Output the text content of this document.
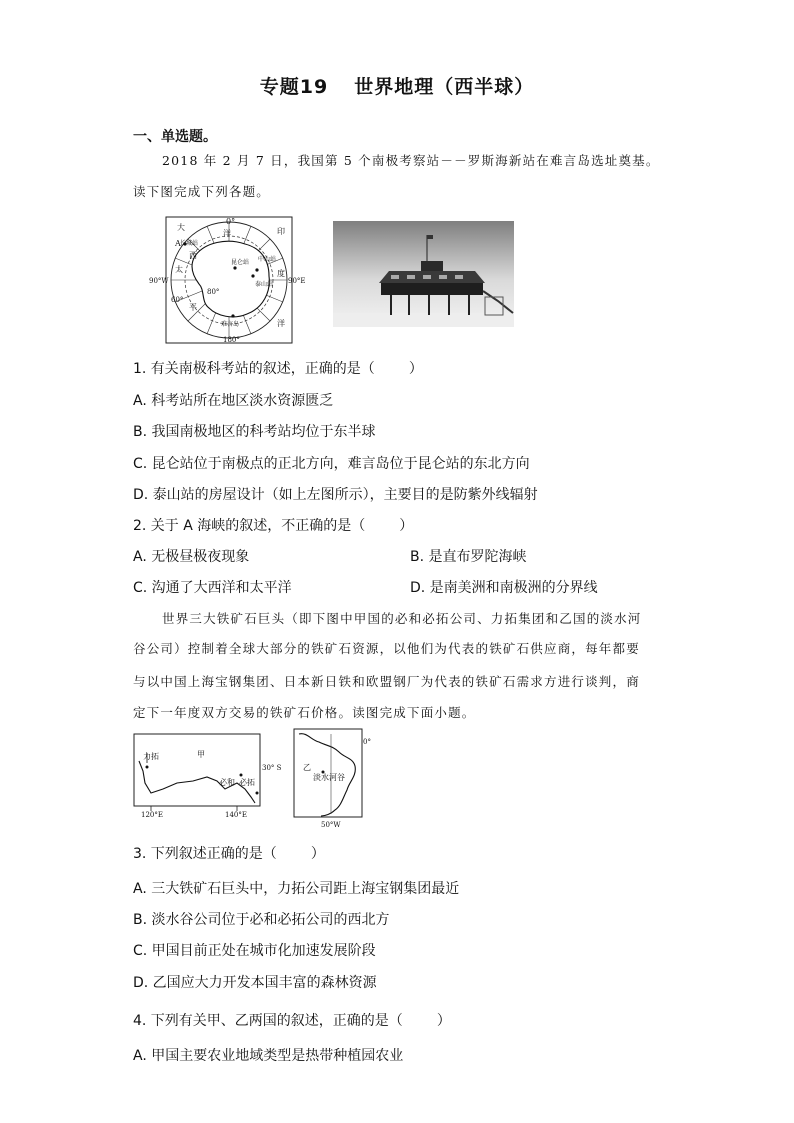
专题19 世界地理（西半球）
一、单选题。
2018 年 2 月 7 日，我国第 5 个南极考察站－－罗斯海新站在难言岛选址奠基。
读下图完成下列各题。
0°
大
洋	印
A 长城站
西	中山站
昆仑站
泰山站
度
太
90°W	90°E
80°
60°
平
难言岛	洋
180°
1. 有关南极科考站的叙述，正确的是（ ）
A. 科考站所在地区淡水资源匮乏
B. 我国南极地区的科考站均位于东半球
C. 昆仑站位于南极点的正北方向，难言岛位于昆仑站的东北方向
D. 泰山站的房屋设计（如上左图所示），主要目的是防紫外线辐射
2. 关于 A 海峡的叙述，不正确的是（ ）
A. 无极昼极夜现象	B. 是直布罗陀海峡
C. 沟通了大西洋和太平洋	D. 是南美洲和南极洲的分界线
世界三大铁矿石巨头（即下图中甲国的必和必拓公司、力拓集团和乙国的淡水河
谷公司）控制着全球大部分的铁矿石资源，以他们为代表的铁矿石供应商，每年都要
与以中国上海宝钢集团、日本新日铁和欧盟钢厂为代表的铁矿石需求方进行谈判，商
定下一年度双方交易的铁矿石价格。读图完成下面小题。
力拓	甲
30° S
必和 必拓
120°E	140°E
0°
乙
淡水河 谷
50°W
3. 下列叙述正确的是（ ）
A. 三大铁矿石巨头中，力拓公司距上海宝钢集团最近
B. 淡水谷公司位于必和必拓公司的西北方
C. 甲国目前正处在城市化加速发展阶段
D. 乙国应大力开发本国丰富的森林资源
4. 下列有关甲、乙两国的叙述，正确的是（ ）
A. 甲国主要农业地域类型是热带种植园农业
